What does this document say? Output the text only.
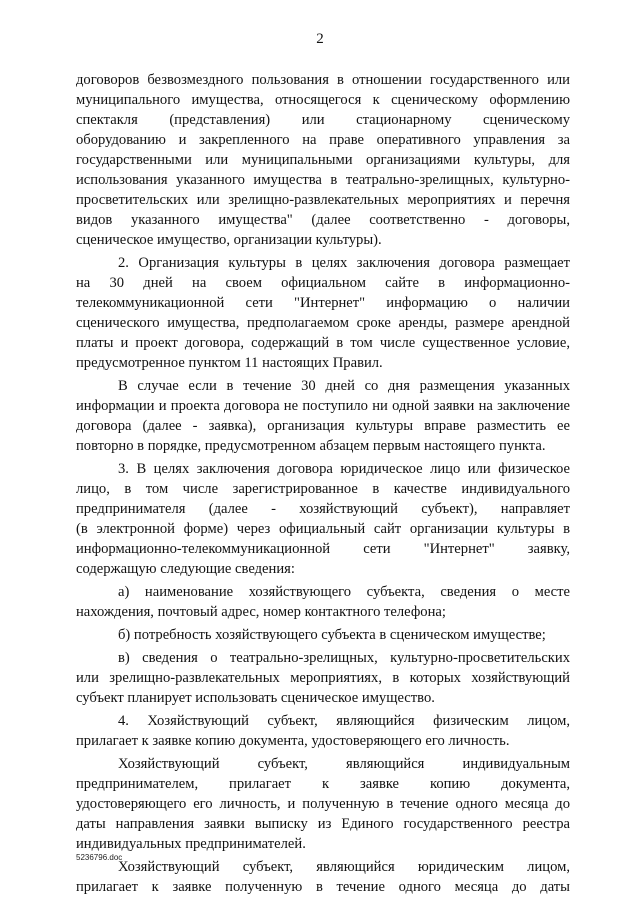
2
договоров безвозмездного пользования в отношении государственного или
муниципального имущества, относящегося к сценическому оформлению
спектакля (представления) или стационарному сценическому
оборудованию и закрепленного на праве оперативного управления за
государственными или муниципальными организациями культуры, для
использования указанного имущества в театрально-зрелищных, культурно-
просветительских или зрелищно-развлекательных мероприятиях и перечня
видов указанного имущества" (далее соответственно - договоры,
сценическое имущество, организации культуры).
2. Организация культуры в целях заключения договора размещает
на 30 дней на своем официальном сайте в информационно-
телекоммуникационной сети "Интернет" информацию о наличии
сценического имущества, предполагаемом сроке аренды, размере арендной
платы и проект договора, содержащий в том числе существенное условие,
предусмотренное пунктом 11 настоящих Правил.
В случае если в течение 30 дней со дня размещения указанных
информации и проекта договора не поступило ни одной заявки на заключение
договора (далее - заявка), организация культуры вправе разместить ее
повторно в порядке, предусмотренном абзацем первым настоящего пункта.
3. В целях заключения договора юридическое лицо или физическое
лицо, в том числе зарегистрированное в качестве индивидуального
предпринимателя (далее - хозяйствующий субъект), направляет
(в электронной форме) через официальный сайт организации культуры в
информационно-телекоммуникационной сети "Интернет" заявку,
содержащую следующие сведения:
а) наименование хозяйствующего субъекта, сведения о месте
нахождения, почтовый адрес, номер контактного телефона;
б) потребность хозяйствующего субъекта в сценическом имуществе;
в) сведения о театрально-зрелищных, культурно-просветительских
или зрелищно-развлекательных мероприятиях, в которых хозяйствующий
субъект планирует использовать сценическое имущество.
4. Хозяйствующий субъект, являющийся физическим лицом,
прилагает к заявке копию документа, удостоверяющего его личность.
Хозяйствующий субъект, являющийся индивидуальным
предпринимателем, прилагает к заявке копию документа,
удостоверяющего его личность, и полученную в течение одного месяца до
даты направления заявки выписку из Единого государственного реестра
индивидуальных предпринимателей.
Хозяйствующий субъект, являющийся юридическим лицом,
прилагает к заявке полученную в течение одного месяца до даты
5236796.doc
